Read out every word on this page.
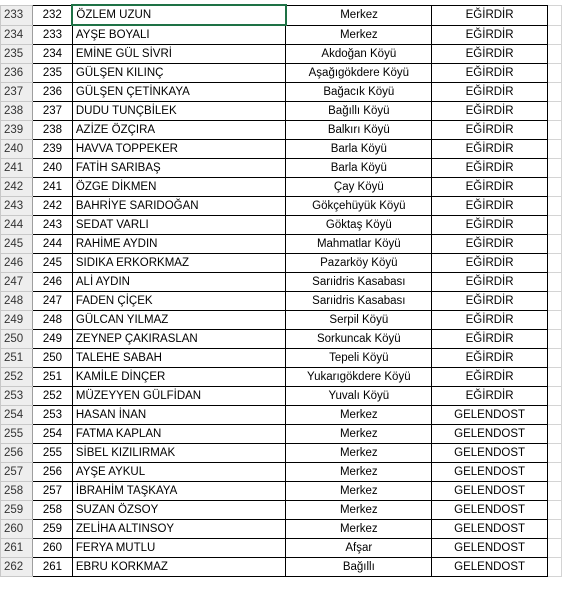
233	232	ÖZLEM UZUN	Merkez	EĞİRDİR	
234	233	AYŞE BOYALI	Merkez	EĞİRDİR	
235	234	EMİNE GÜL SİVRİ	Akdoğan Köyü	EĞİRDİR	
236	235	GÜLŞEN KILINÇ	Aşağıgökdere Köyü	EĞİRDİR	
237	236	GÜLŞEN ÇETİNKAYA	Bağacık Köyü	EĞİRDİR	
238	237	DUDU TUNÇBİLEK	Bağıllı Köyü	EĞİRDİR	
239	238	AZİZE ÖZÇIRA	Balkırı Köyü	EĞİRDİR	
240	239	HAVVA TOPPEKER	Barla Köyü	EĞİRDİR	
241	240	FATİH SARIBAŞ	Barla Köyü	EĞİRDİR	
242	241	ÖZGE DİKMEN	Çay Köyü	EĞİRDİR	
243	242	BAHRİYE SARIDOĞAN	Gökçehüyük Köyü	EĞİRDİR	
244	243	SEDAT VARLI	Göktaş Köyü	EĞİRDİR	
245	244	RAHİME AYDIN	Mahmatlar Köyü	EĞİRDİR	
246	245	SIDIKA ERKORKMAZ	Pazarköy Köyü	EĞİRDİR	
247	246	ALİ AYDIN	Sarıidris Kasabası	EĞİRDİR	
248	247	FADEN ÇİÇEK	Sarıidris Kasabası	EĞİRDİR	
249	248	GÜLCAN YILMAZ	Serpil Köyü	EĞİRDİR	
250	249	ZEYNEP ÇAKIRASLAN	Sorkuncak Köyü	EĞİRDİR	
251	250	TALEHE SABAH	Tepeli Köyü	EĞİRDİR	
252	251	KAMİLE DİNÇER	Yukarıgökdere Köyü	EĞİRDİR	
253	252	MÜZEYYEN GÜLFİDAN	Yuvalı Köyü	EĞİRDİR	
254	253	HASAN İNAN	Merkez	GELENDOST	
255	254	FATMA KAPLAN	Merkez	GELENDOST	
256	255	SİBEL KIZILIRMAK	Merkez	GELENDOST	
257	256	AYŞE AYKUL	Merkez	GELENDOST	
258	257	İBRAHİM TAŞKAYA	Merkez	GELENDOST	
259	258	SUZAN ÖZSOY	Merkez	GELENDOST	
260	259	ZELİHA ALTINSOY	Merkez	GELENDOST	
261	260	FERYA MUTLU	Afşar	GELENDOST	
262	261	EBRU KORKMAZ	Bağıllı	GELENDOST	
